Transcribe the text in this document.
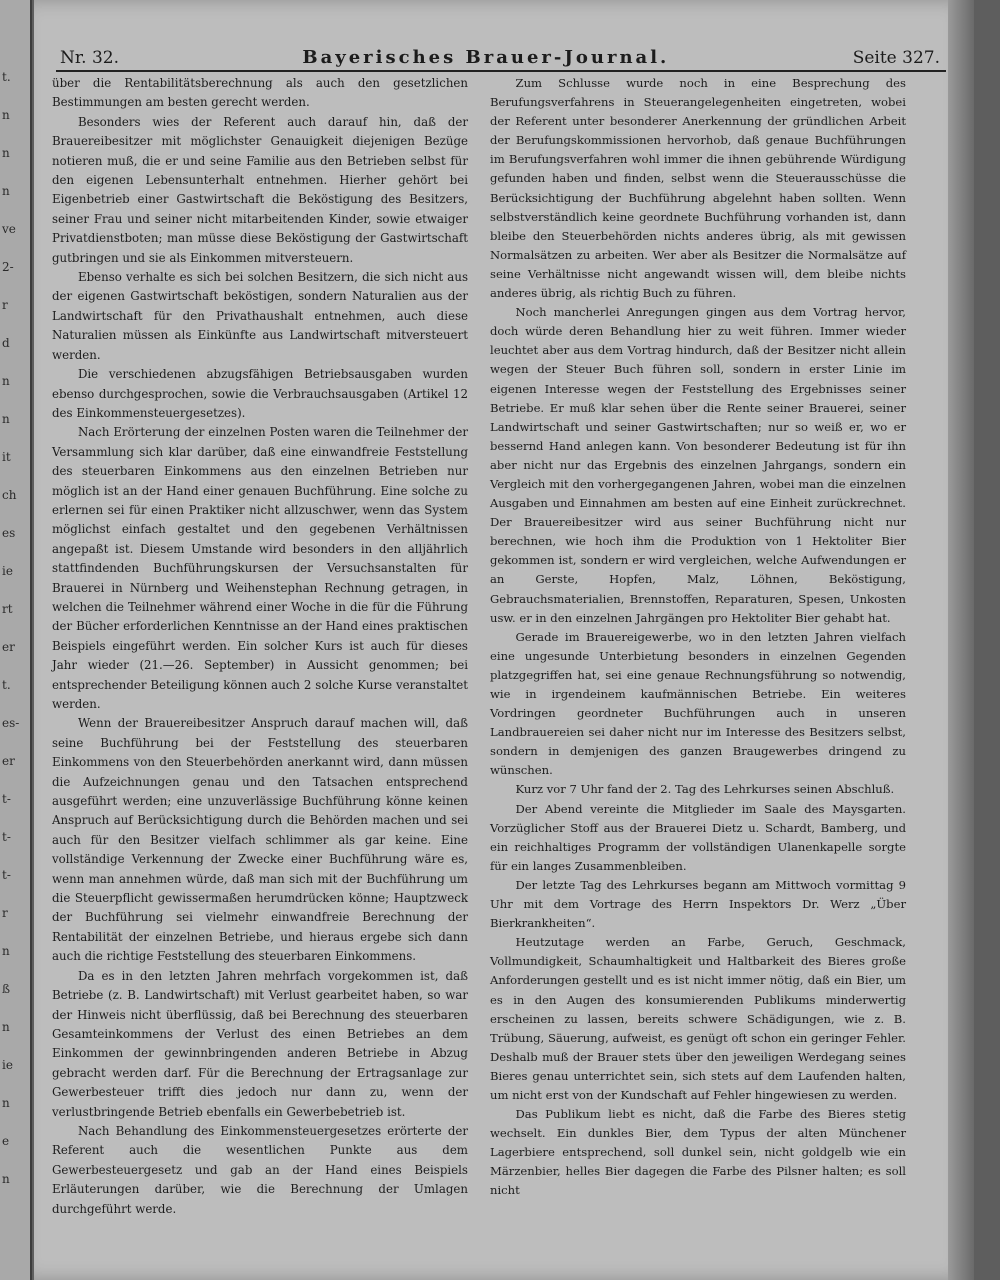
t.
n
n
n
ve
2-
r
d
n
n
it
ch
es
ie
rt
er
t.
es-
er
t-
t-
t-
r
n
ß
n
ie
n
e
n
Nr. 32.	Bayerisches Brauer-Journal.	Seite 327.

über die Rentabilitätsberechnung als auch den gesetzlichen Bestimmungen am besten gerecht werden.

Besonders wies der Referent auch darauf hin, daß der Brauereibesitzer mit möglichster Genauigkeit diejenigen Bezüge notieren muß, die er und seine Familie aus den Betrieben selbst für den eigenen Lebensunterhalt entnehmen. Hierher gehört bei Eigenbetrieb einer Gastwirtschaft die Beköstigung des Besitzers, seiner Frau und seiner nicht mitarbeitenden Kinder, sowie etwaiger Privatdienstboten; man müsse diese Beköstigung der Gastwirtschaft gutbringen und sie als Einkommen mitversteuern.

Ebenso verhalte es sich bei solchen Besitzern, die sich nicht aus der eigenen Gastwirtschaft beköstigen, sondern Naturalien aus der Landwirtschaft für den Privathaushalt entnehmen, auch diese Naturalien müssen als Einkünfte aus Landwirtschaft mitversteuert werden.

Die verschiedenen abzugsfähigen Betriebsausgaben wurden ebenso durchgesprochen, sowie die Verbrauchsausgaben (Artikel 12 des Einkommensteuergesetzes).

Nach Erörterung der einzelnen Posten waren die Teilnehmer der Versammlung sich klar darüber, daß eine einwandfreie Feststellung des steuerbaren Einkommens aus den einzelnen Betrieben nur möglich ist an der Hand einer genauen Buchführung. Eine solche zu erlernen sei für einen Praktiker nicht allzuschwer, wenn das System möglichst einfach gestaltet und den gegebenen Verhältnissen angepaßt ist. Diesem Umstande wird besonders in den alljährlich stattfindenden Buchführungskursen der Versuchsanstalten für Brauerei in Nürnberg und Weihenstephan Rechnung getragen, in welchen die Teilnehmer während einer Woche in die für die Führung der Bücher erforderlichen Kenntnisse an der Hand eines praktischen Beispiels eingeführt werden. Ein solcher Kurs ist auch für dieses Jahr wieder (21.—26. September) in Aussicht genommen; bei entsprechender Beteiligung können auch 2 solche Kurse veranstaltet werden.

Wenn der Brauereibesitzer Anspruch darauf machen will, daß seine Buchführung bei der Feststellung des steuerbaren Einkommens von den Steuerbehörden anerkannt wird, dann müssen die Aufzeichnungen genau und den Tatsachen entsprechend ausgeführt werden; eine unzuverlässige Buchführung könne keinen Anspruch auf Berücksichtigung durch die Behörden machen und sei auch für den Besitzer vielfach schlimmer als gar keine. Eine vollständige Verkennung der Zwecke einer Buchführung wäre es, wenn man annehmen würde, daß man sich mit der Buchführung um die Steuerpflicht gewissermaßen herumdrücken könne; Hauptzweck der Buchführung sei vielmehr einwandfreie Berechnung der Rentabilität der einzelnen Betriebe, und hieraus ergebe sich dann auch die richtige Feststellung des steuerbaren Einkommens.

Da es in den letzten Jahren mehrfach vorgekommen ist, daß Betriebe (z. B. Landwirtschaft) mit Verlust gearbeitet haben, so war der Hinweis nicht überflüssig, daß bei Berechnung des steuerbaren Gesamteinkommens der Verlust des einen Betriebes an dem Einkommen der gewinnbringenden anderen Betriebe in Abzug gebracht werden darf. Für die Berechnung der Ertragsanlage zur Gewerbesteuer trifft dies jedoch nur dann zu, wenn der verlustbringende Betrieb ebenfalls ein Gewerbebetrieb ist.

Nach Behandlung des Einkommensteuergesetzes erörterte der Referent auch die wesentlichen Punkte aus dem Gewerbesteuergesetz und gab an der Hand eines Beispiels Erläuterungen darüber, wie die Berechnung der Umlagen durchgeführt werde.

Zum Schlusse wurde noch in eine Besprechung des Berufungsverfahrens in Steuerangelegenheiten eingetreten, wobei der Referent unter besonderer Anerkennung der gründlichen Arbeit der Berufungskommissionen hervorhob, daß genaue Buchführungen im Berufungsverfahren wohl immer die ihnen gebührende Würdigung gefunden haben und finden, selbst wenn die Steuerausschüsse die Berücksichtigung der Buchführung abgelehnt haben sollten. Wenn selbstverständlich keine geordnete Buchführung vorhanden ist, dann bleibe den Steuerbehörden nichts anderes übrig, als mit gewissen Normalsätzen zu arbeiten. Wer aber als Besitzer die Normalsätze auf seine Verhältnisse nicht angewandt wissen will, dem bleibe nichts anderes übrig, als richtig Buch zu führen.

Noch mancherlei Anregungen gingen aus dem Vortrag hervor, doch würde deren Behandlung hier zu weit führen. Immer wieder leuchtet aber aus dem Vortrag hindurch, daß der Besitzer nicht allein wegen der Steuer Buch führen soll, sondern in erster Linie im eigenen Interesse wegen der Feststellung des Ergebnisses seiner Betriebe. Er muß klar sehen über die Rente seiner Brauerei, seiner Landwirtschaft und seiner Gastwirtschaften; nur so weiß er, wo er bessernd Hand anlegen kann. Von besonderer Bedeutung ist für ihn aber nicht nur das Ergebnis des einzelnen Jahrgangs, sondern ein Vergleich mit den vorhergegangenen Jahren, wobei man die einzelnen Ausgaben und Einnahmen am besten auf eine Einheit zurückrechnet. Der Brauereibesitzer wird aus seiner Buchführung nicht nur berechnen, wie hoch ihm die Produktion von 1 Hektoliter Bier gekommen ist, sondern er wird vergleichen, welche Aufwendungen er an Gerste, Hopfen, Malz, Löhnen, Beköstigung, Gebrauchsmaterialien, Brennstoffen, Reparaturen, Spesen, Unkosten usw. er in den einzelnen Jahrgängen pro Hektoliter Bier gehabt hat.

Gerade im Brauereigewerbe, wo in den letzten Jahren vielfach eine ungesunde Unterbietung besonders in einzelnen Gegenden platzgegriffen hat, sei eine genaue Rechnungsführung so notwendig, wie in irgendeinem kaufmännischen Betriebe. Ein weiteres Vordringen geordneter Buchführungen auch in unseren Landbrauereien sei daher nicht nur im Interesse des Besitzers selbst, sondern in demjenigen des ganzen Braugewerbes dringend zu wünschen.

Kurz vor 7 Uhr fand der 2. Tag des Lehrkurses seinen Abschluß.

Der Abend vereinte die Mitglieder im Saale des Maysgarten. Vorzüglicher Stoff aus der Brauerei Dietz u. Schardt, Bamberg, und ein reichhaltiges Programm der vollständigen Ulanenkapelle sorgte für ein langes Zusammenbleiben.

Der letzte Tag des Lehrkurses begann am Mittwoch vormittag 9 Uhr mit dem Vortrage des Herrn Inspektors Dr. Werz „Über Bierkrankheiten“.

Heutzutage werden an Farbe, Geruch, Geschmack, Vollmundigkeit, Schaumhaltigkeit und Haltbarkeit des Bieres große Anforderungen gestellt und es ist nicht immer nötig, daß ein Bier, um es in den Augen des konsumierenden Publikums minderwertig erscheinen zu lassen, bereits schwere Schädigungen, wie z. B. Trübung, Säuerung, aufweist, es genügt oft schon ein geringer Fehler. Deshalb muß der Brauer stets über den jeweiligen Werdegang seines Bieres genau unterrichtet sein, sich stets auf dem Laufenden halten, um nicht erst von der Kundschaft auf Fehler hingewiesen zu werden.

Das Publikum liebt es nicht, daß die Farbe des Bieres stetig wechselt. Ein dunkles Bier, dem Typus der alten Münchener Lagerbiere entsprechend, soll dunkel sein, nicht goldgelb wie ein Märzenbier, helles Bier dagegen die Farbe des Pilsner halten; es soll nicht
